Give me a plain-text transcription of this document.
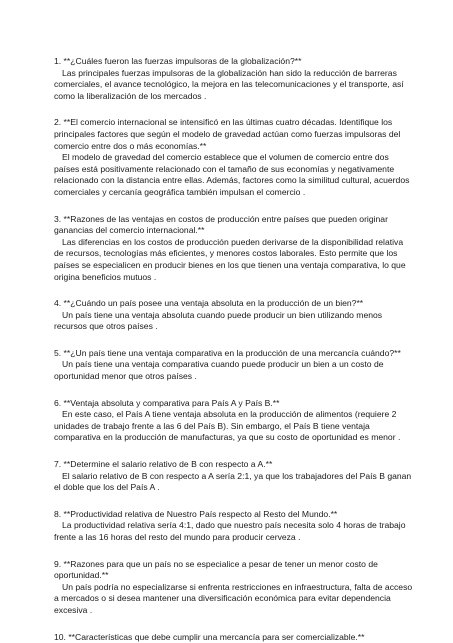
1. **¿Cuáles fueron las fuerzas impulsoras de la globalización?**
Las principales fuerzas impulsoras de la globalización han sido la reducción de barreras comerciales, el avance tecnológico, la mejora en las telecomunicaciones y el transporte, así como la liberalización de los mercados .
2. **El comercio internacional se intensificó en las últimas cuatro décadas. Identifique los principales factores que según el modelo de gravedad actúan como fuerzas impulsoras del comercio entre dos o más economías.**
El modelo de gravedad del comercio establece que el volumen de comercio entre dos países está positivamente relacionado con el tamaño de sus economías y negativamente relacionado con la distancia entre ellas. Además, factores como la similitud cultural, acuerdos comerciales y cercanía geográfica también impulsan el comercio .
3. **Razones de las ventajas en costos de producción entre países que pueden originar ganancias del comercio internacional.**
Las diferencias en los costos de producción pueden derivarse de la disponibilidad relativa de recursos, tecnologías más eficientes, y menores costos laborales. Esto permite que los países se especialicen en producir bienes en los que tienen una ventaja comparativa, lo que origina beneficios mutuos .
4. **¿Cuándo un país posee una ventaja absoluta en la producción de un bien?**
Un país tiene una ventaja absoluta cuando puede producir un bien utilizando menos recursos que otros países .
5. **¿Un país tiene una ventaja comparativa en la producción de una mercancía cuándo?**
Un país tiene una ventaja comparativa cuando puede producir un bien a un costo de oportunidad menor que otros países .
6. **Ventaja absoluta y comparativa para País A y País B.**
En este caso, el País A tiene ventaja absoluta en la producción de alimentos (requiere 2 unidades de trabajo frente a las 6 del País B). Sin embargo, el País B tiene ventaja comparativa en la producción de manufacturas, ya que su costo de oportunidad es menor .
7. **Determine el salario relativo de B con respecto a A.**
El salario relativo de B con respecto a A sería 2:1, ya que los trabajadores del País B ganan el doble que los del País A .
8. **Productividad relativa de Nuestro País respecto al Resto del Mundo.**
La productividad relativa sería 4:1, dado que nuestro país necesita solo 4 horas de trabajo frente a las 16 horas del resto del mundo para producir cerveza .
9. **Razones para que un país no se especialice a pesar de tener un menor costo de oportunidad.**
Un país podría no especializarse si enfrenta restricciones en infraestructura, falta de acceso a mercados o si desea mantener una diversificación económica para evitar dependencia excesiva .
10. **Características que debe cumplir una mercancía para ser comercializable.**
